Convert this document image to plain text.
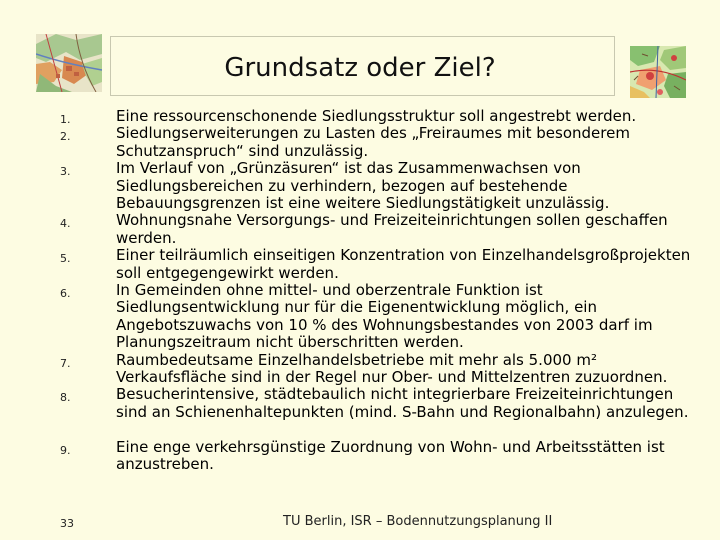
Grundsatz oder Ziel?
1.	Eine ressourcenschonende Siedlungsstruktur soll angestrebt werden.
2.	Siedlungserweiterungen zu Lasten des „Freiraumes mit besonderem Schutzanspruch“ sind unzulässig.
3.	Im Verlauf von „Grünzäsuren“ ist das Zusammenwachsen von Siedlungsbereichen zu verhindern, bezogen auf bestehende Bebauungsgrenzen ist eine weitere Siedlungstätigkeit unzulässig.
4.	Wohnungsnahe Versorgungs- und Freizeiteinrichtungen sollen geschaffen werden.
5.	Einer teilräumlich einseitigen Konzentration von Einzelhandelsgroßprojekten soll entgegengewirkt werden.
6.	In Gemeinden ohne mittel- und oberzentrale Funktion ist Siedlungsentwicklung nur für die Eigenentwicklung möglich, ein Angebotszuwachs von 10 % des Wohnungsbestandes von 2003 darf im Planungszeitraum nicht überschritten werden.
7.	Raumbedeutsame Einzelhandelsbetriebe mit mehr als 5.000 m² Verkaufsfläche sind in der Regel nur Ober- und Mittelzentren zuzuordnen.
8.	Besucherintensive, städtebaulich nicht integrierbare Freizeiteinrichtungen sind an Schienenhaltepunkten (mind. S-Bahn und Regionalbahn) anzulegen.
9.	Eine enge verkehrsgünstige Zuordnung von Wohn- und Arbeitsstätten ist anzustreben.
33	TU Berlin, ISR – Bodennutzungsplanung II
